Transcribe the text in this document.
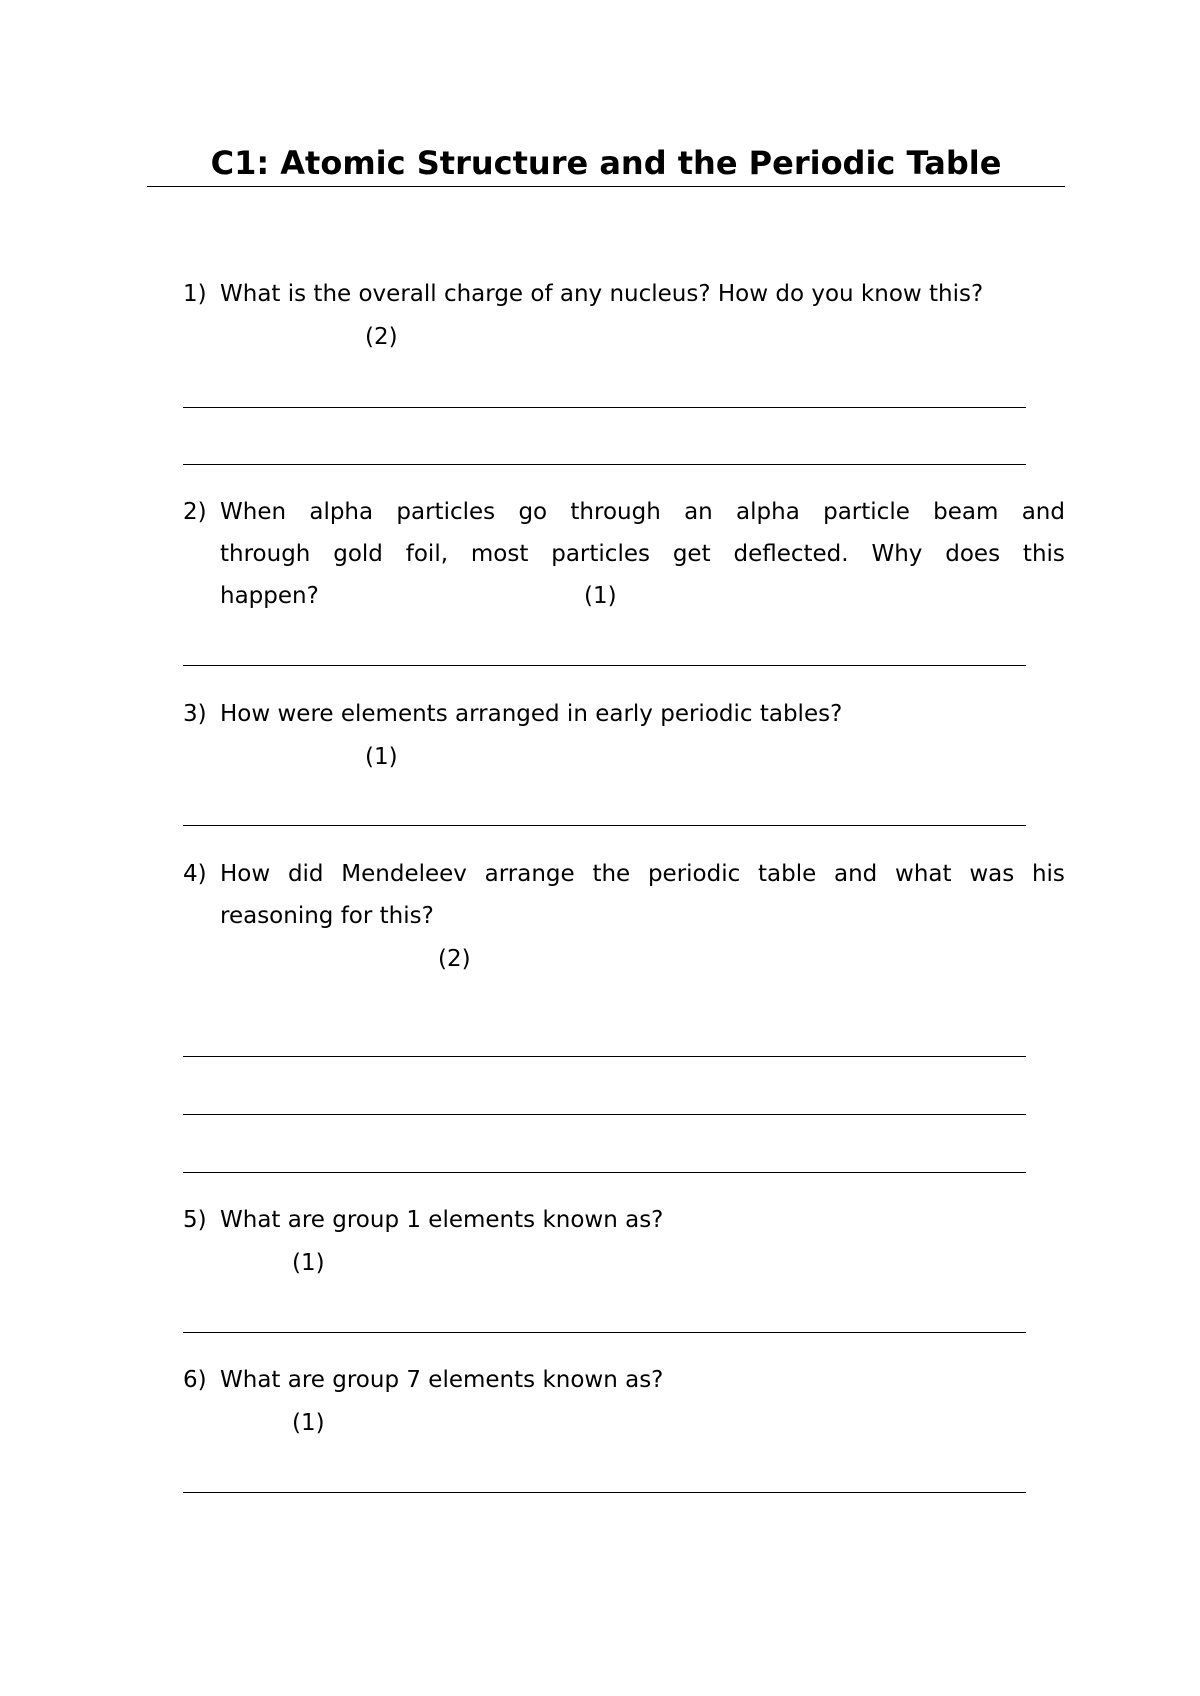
C1: Atomic Structure and the Periodic Table
1) What is the overall charge of any nucleus? How do you know this?
(2)
2) When alpha particles go through an alpha particle beam and
through gold foil, most particles get deflected. Why does this
happen?	(1)
3) How were elements arranged in early periodic tables?
(1)
4) How did Mendeleev arrange the periodic table and what was his
reasoning for this?
(2)
5) What are group 1 elements known as?
(1)
6) What are group 7 elements known as?
(1)
